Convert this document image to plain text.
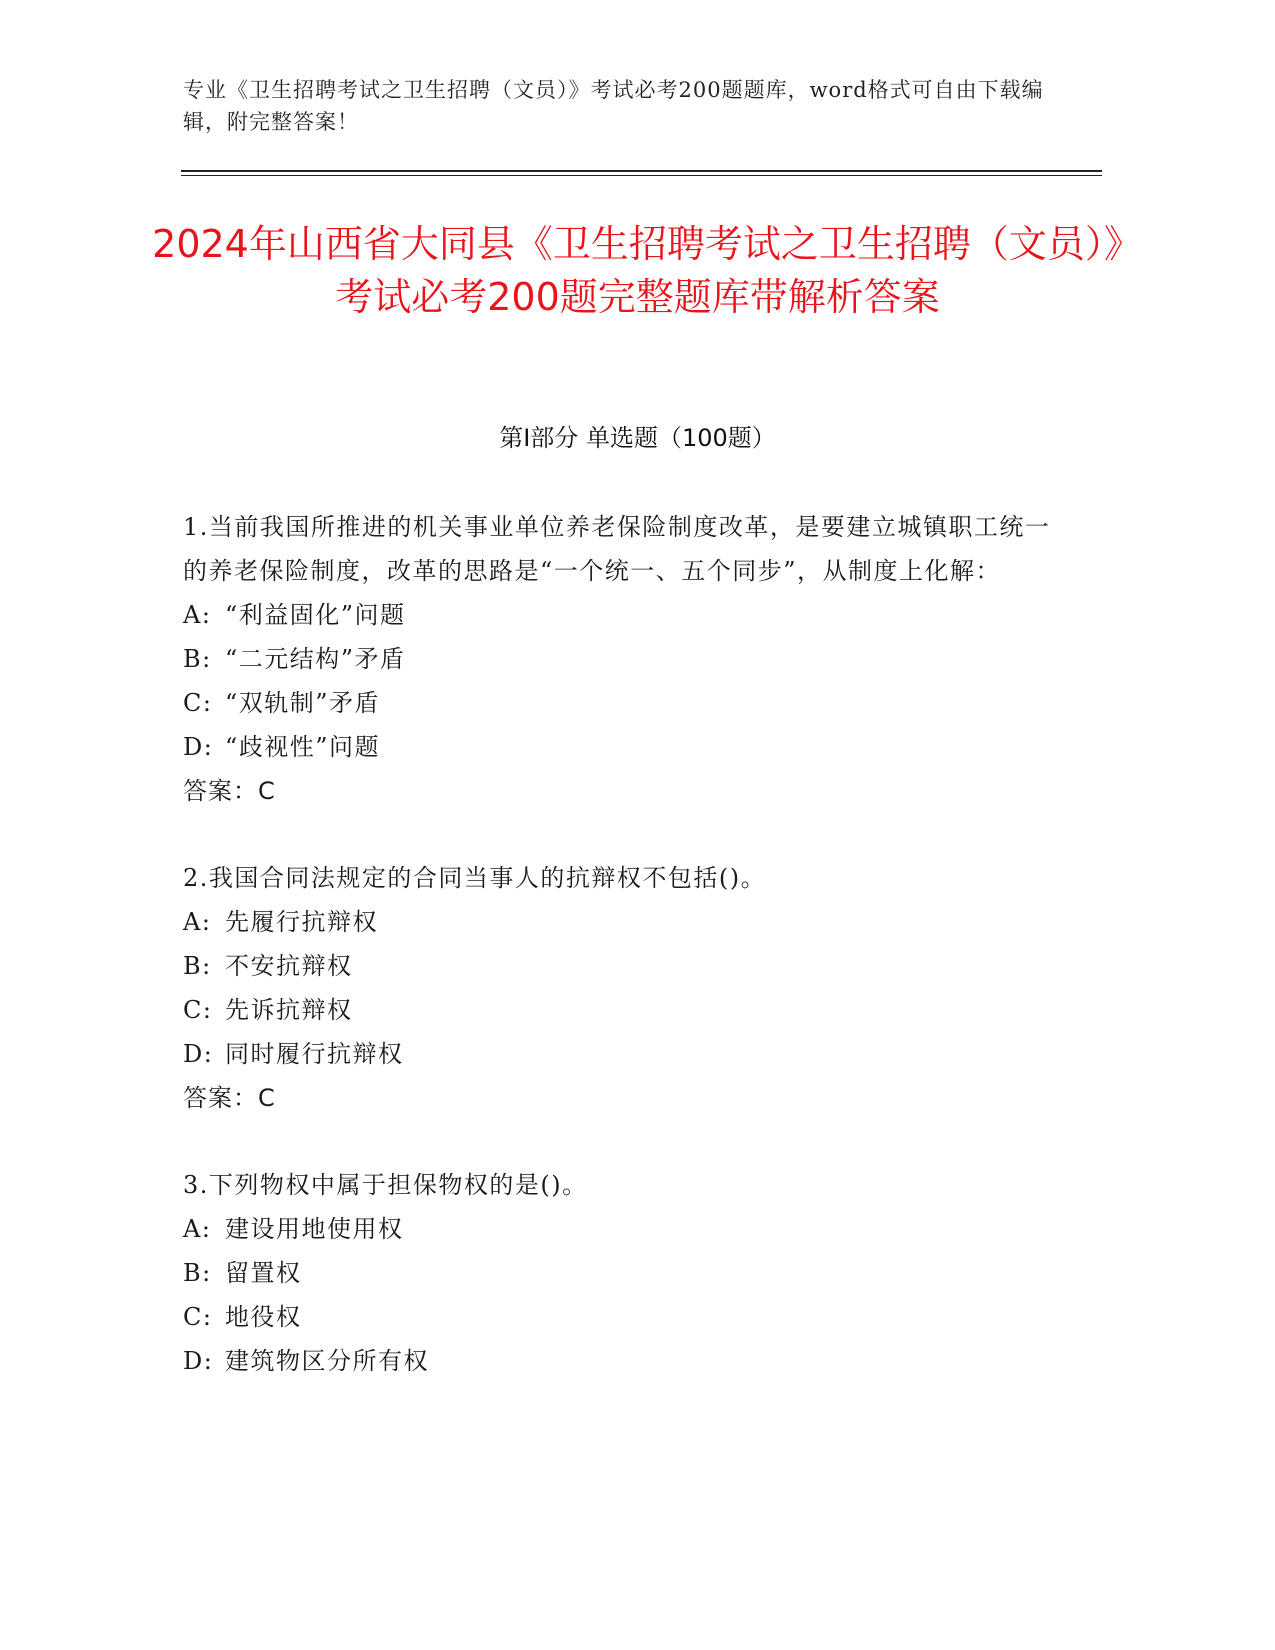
专业《卫生招聘考试之卫生招聘（文员）》考试必考200题题库，word格式可自由下载编辑，附完整答案！
2024年山西省大同县《卫生招聘考试之卫生招聘（文员）》考试必考200题完整题库带解析答案
第Ⅰ部分 单选题（100题）

1.当前我国所推进的机关事业单位养老保险制度改革，是要建立城镇职工统一的养老保险制度，改革的思路是“一个统一、五个同步”，从制度上化解：

A: “利益固化”问题
B: “二元结构”矛盾
C: “双轨制”矛盾
D: “歧视性”问题
答案：C

2.我国合同法规定的合同当事人的抗辩权不包括()。

A: 先履行抗辩权
B: 不安抗辩权
C: 先诉抗辩权
D: 同时履行抗辩权
答案：C

3.下列物权中属于担保物权的是()。

A: 建设用地使用权
B: 留置权
C: 地役权
D: 建筑物区分所有权
